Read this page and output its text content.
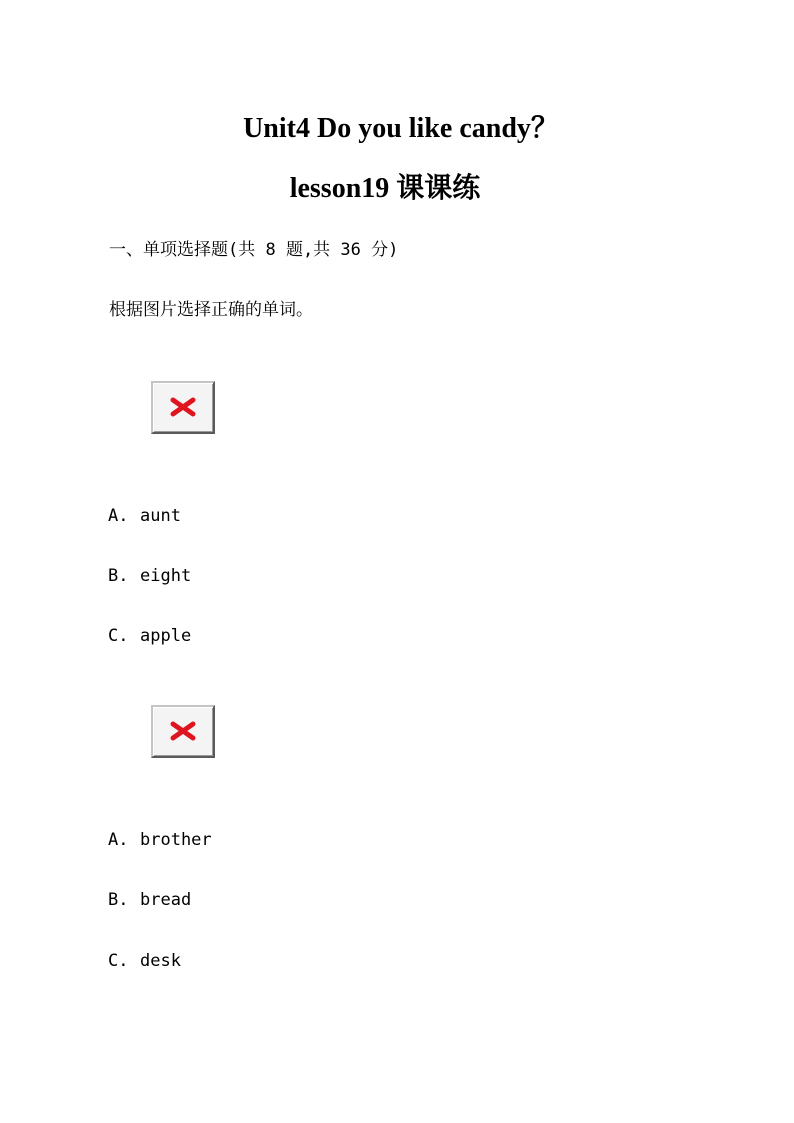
Unit4 Do you like candy？
lesson19 课课练
一、单项选择题(共 8 题,共 36 分)
根据图片选择正确的单词。
A. aunt
B. eight
C. apple
A. brother
B. bread
C. desk
